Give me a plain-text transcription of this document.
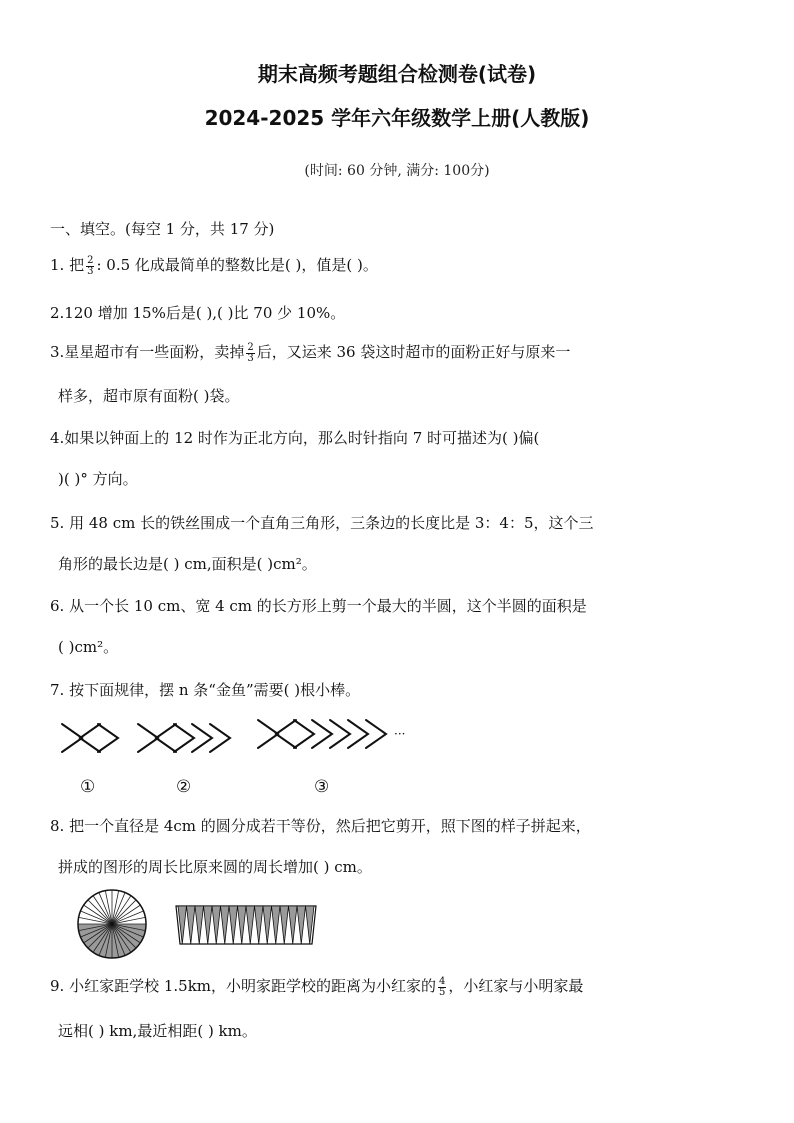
期末高频考题组合检测卷(试卷)
2024-2025 学年六年级数学上册(人教版)
(时间: 60 分钟, 满分: 100分)
一、填空。(每空 1 分，共 17 分)
1. 把 $\frac{2}{3}$ : 0.5 化成最简单的整数比是( )，值是( )。
2.120 增加 15%后是( ),( )比 70 少 10%。
3.星星超市有一些面粉，卖掉 $\frac{2}{3}$ 后，又运来 36 袋这时超市的面粉正好与原来一
样多，超市原有面粉( )袋。
4.如果以钟面上的 12 时作为正北方向，那么时针指向 7 时可描述为( )偏(
)( )° 方向。
5. 用 48 cm 长的铁丝围成一个直角三角形，三条边的长度比是 3：4：5，这个三
角形的最长边是( ) cm,面积是( )cm²。
6. 从一个长 10 cm、宽 4 cm 的长方形上剪一个最大的半圆，这个半圆的面积是
( )cm²。
7. 按下面规律，摆 n 条“金鱼”需要( )根小棒。
···
①	②	③
8. 把一个直径是 4cm 的圆分成若干等份，然后把它剪开，照下图的样子拼起来，
拼成的图形的周长比原来圆的周长增加( ) cm。
9. 小红家距学校 1.5km，小明家距学校的距离为小红家的 $\frac{4}{5}$ ，小红家与小明家最
远相( ) km,最近相距( ) km。
